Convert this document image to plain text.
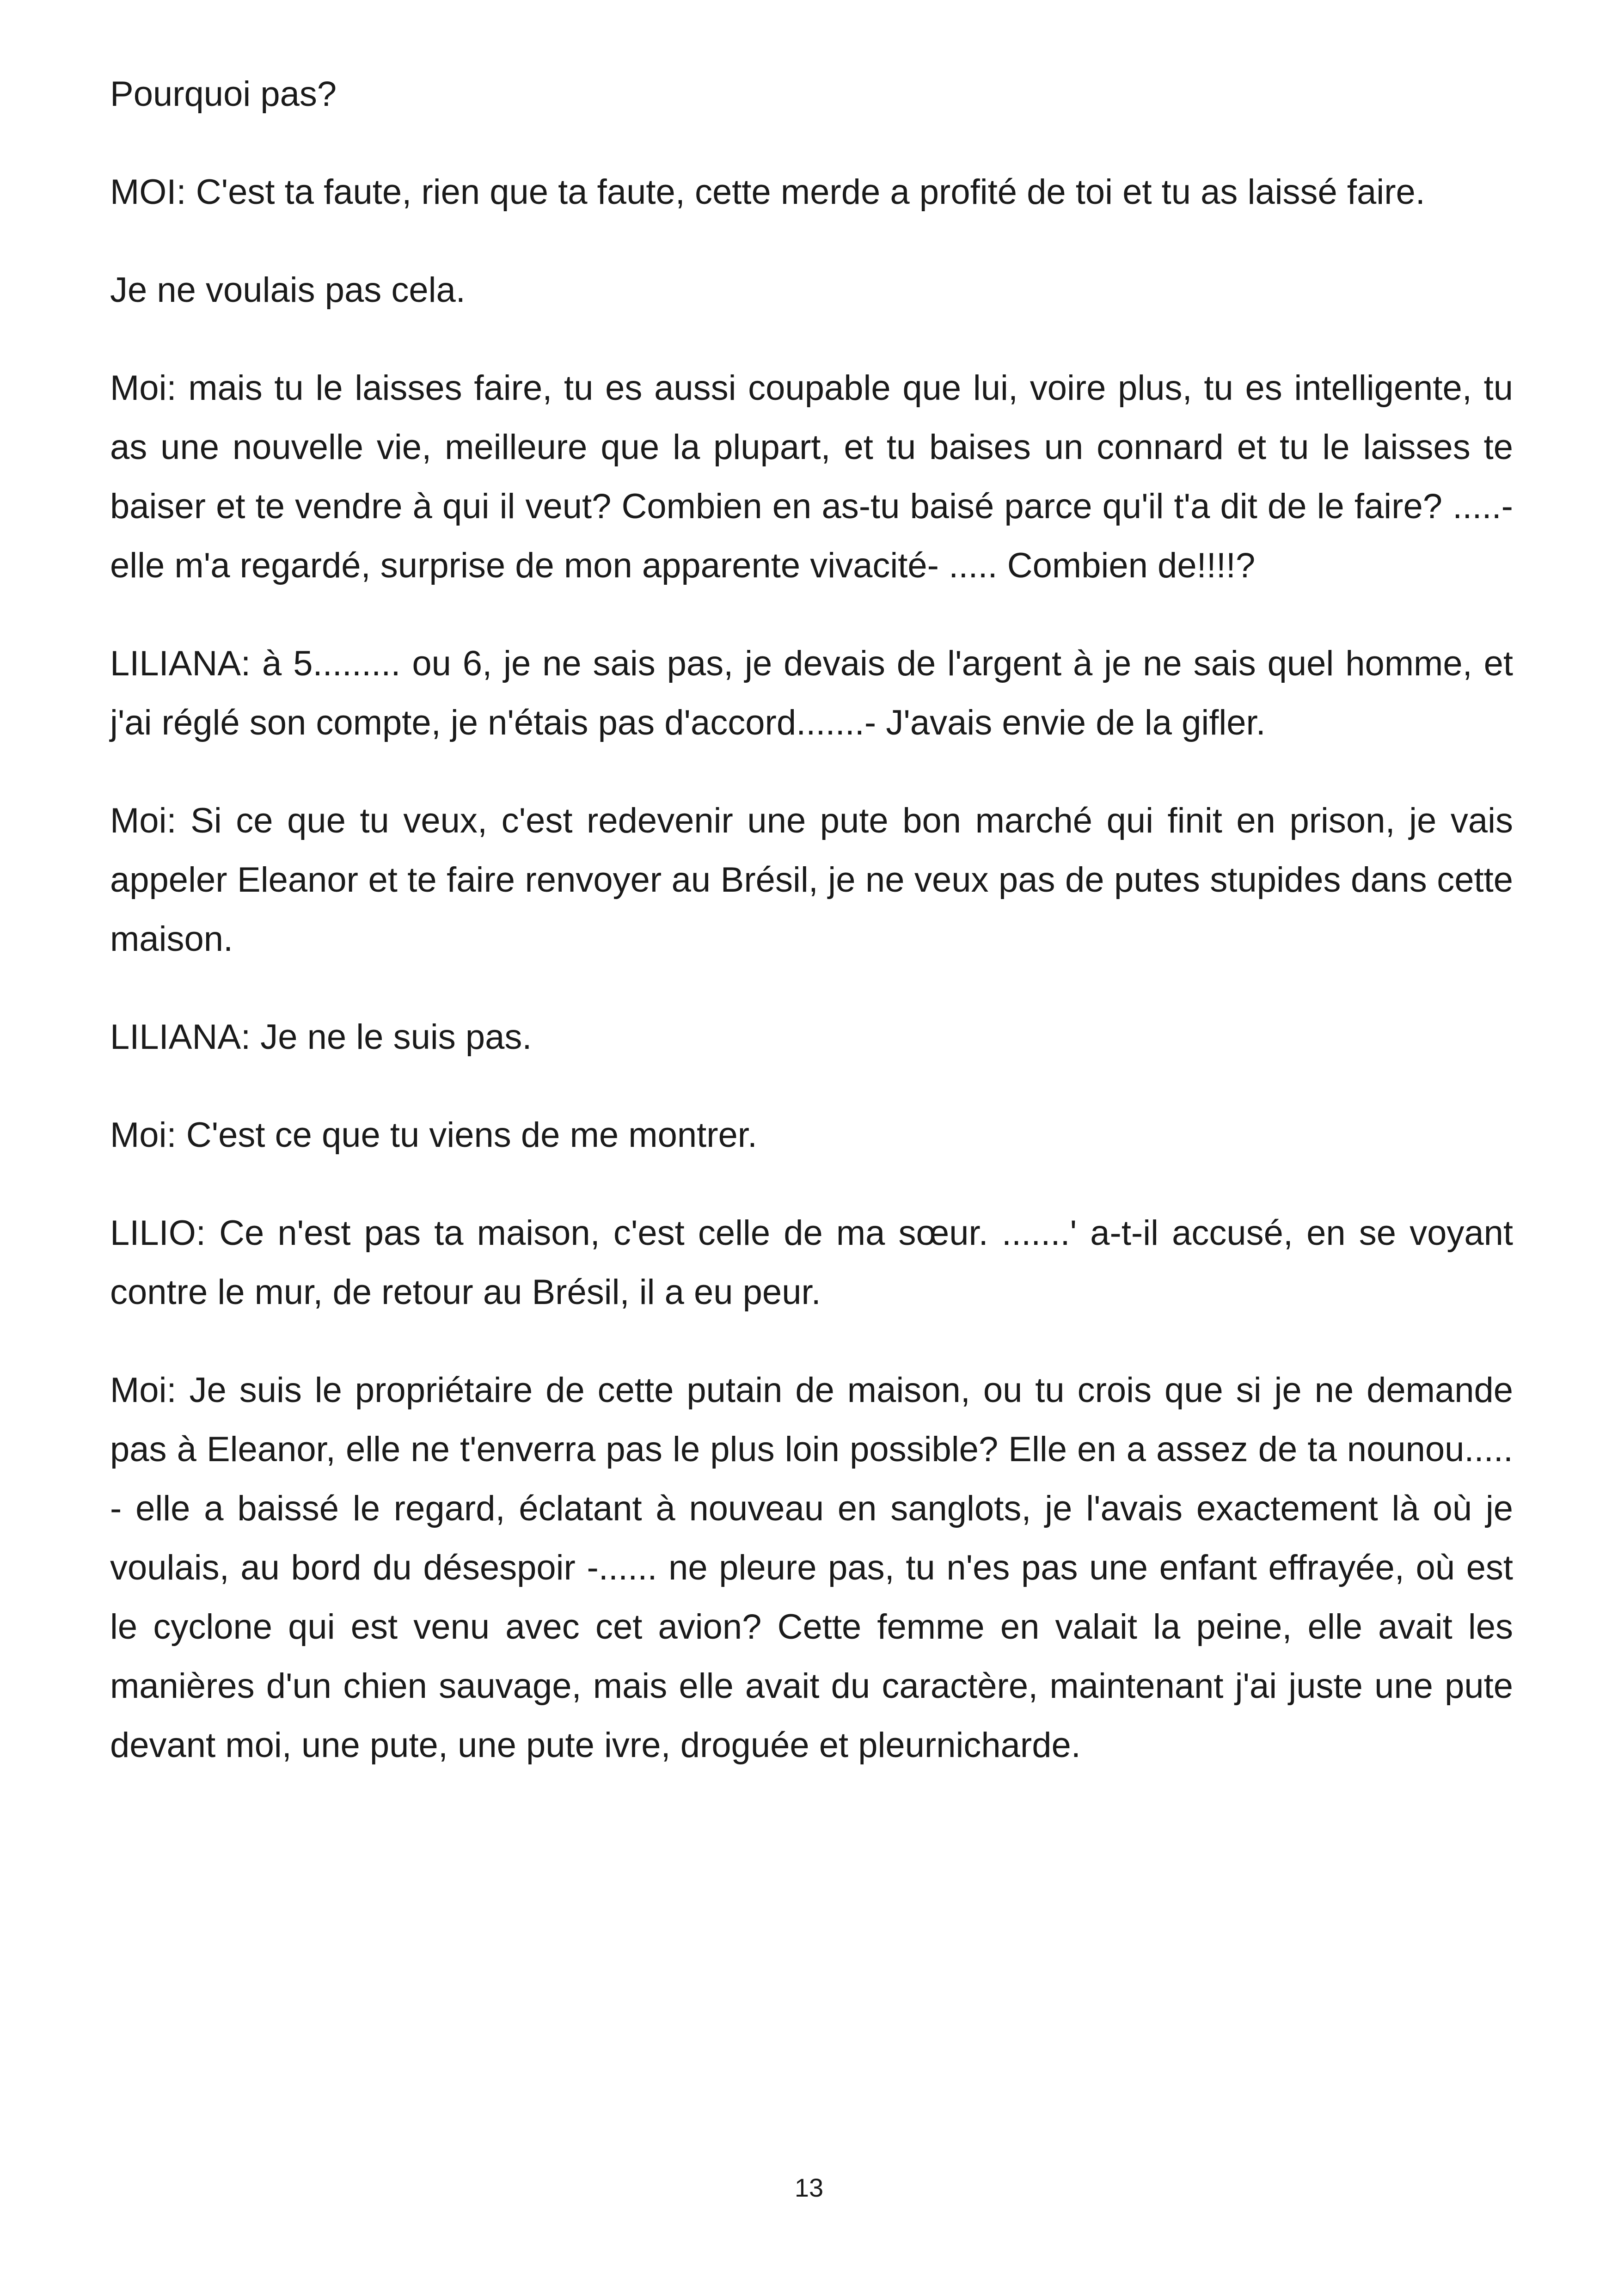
Pourquoi pas?

MOI: C'est ta faute, rien que ta faute, cette merde a profité de toi et tu as laissé faire.

Je ne voulais pas cela.

Moi: mais tu le laisses faire, tu es aussi coupable que lui, voire plus, tu es intelligente, tu as une nouvelle vie, meilleure que la plupart, et tu baises un connard et tu le laisses te baiser et te vendre à qui il veut? Combien en as-tu baisé parce qu'il t'a dit de le faire? .....- elle m'a regardé, surprise de mon apparente vivacité- ..... Combien de!!!!?

LILIANA: à 5......... ou 6, je ne sais pas, je devais de l'argent à je ne sais quel homme, et j'ai réglé son compte, je n'étais pas d'accord.......- J'avais envie de la gifler.

Moi: Si ce que tu veux, c'est redevenir une pute bon marché qui finit en prison, je vais appeler Eleanor et te faire renvoyer au Brésil, je ne veux pas de putes stupides dans cette maison.

LILIANA: Je ne le suis pas.

Moi: C'est ce que tu viens de me montrer.

LILIO: Ce n'est pas ta maison, c'est celle de ma sœur. .......' a-t-il accusé, en se voyant contre le mur, de retour au Brésil, il a eu peur.

Moi: Je suis le propriétaire de cette putain de maison, ou tu crois que si je ne demande pas à Eleanor, elle ne t'enverra pas le plus loin possible? Elle en a assez de ta nounou..... - elle a baissé le regard, éclatant à nouveau en sanglots, je l'avais exactement là où je voulais, au bord du désespoir -...... ne pleure pas, tu n'es pas une enfant effrayée, où est le cyclone qui est venu avec cet avion? Cette femme en valait la peine, elle avait les manières d'un chien sauvage, mais elle avait du caractère, maintenant j'ai juste une pute devant moi, une pute, une pute ivre, droguée et pleurnicharde.

13
